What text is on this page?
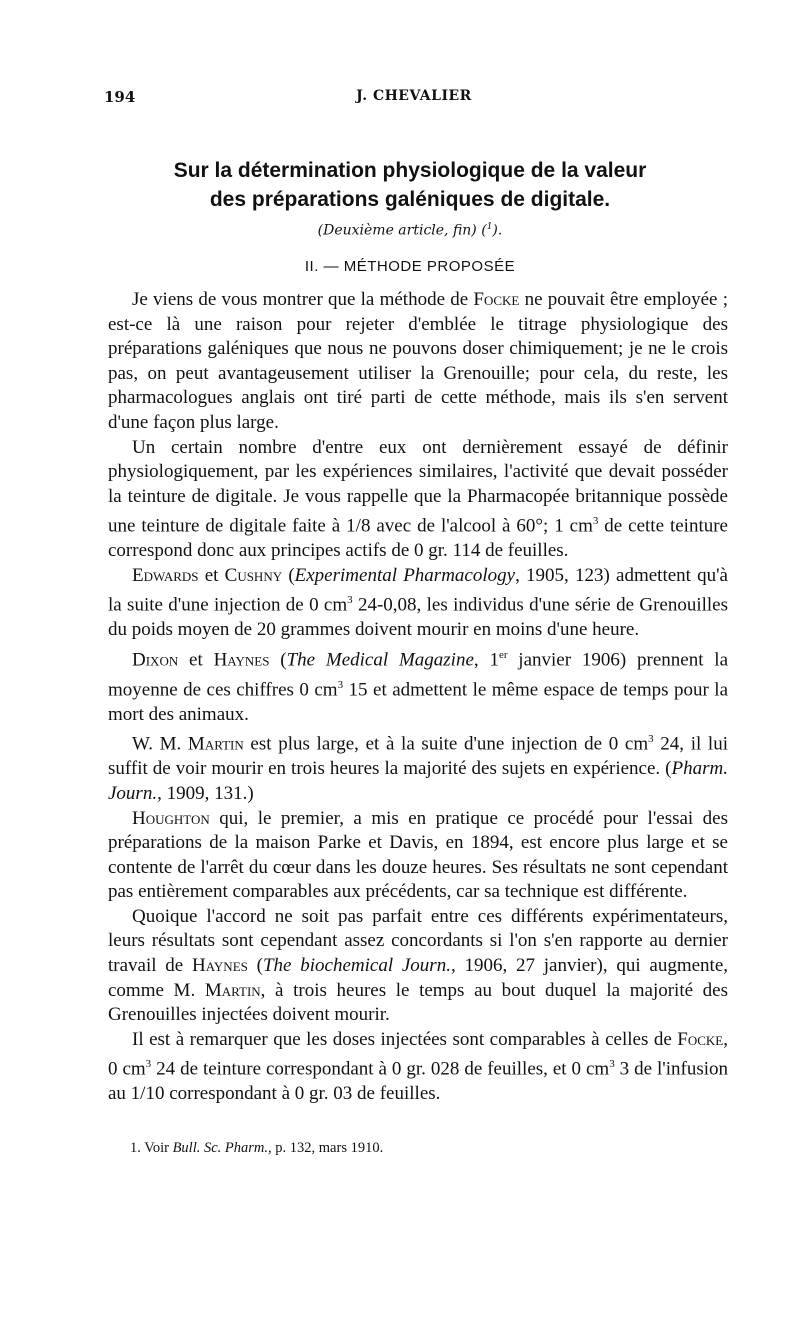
194	J. CHEVALIER
Sur la détermination physiologique de la valeur
des préparations galéniques de digitale.
(Deuxième article, fin) ($^1$).
II. — MÉTHODE PROPOSÉE

Je viens de vous montrer que la méthode de Focke ne pouvait être employée ; est-ce là une raison pour rejeter d'emblée le titrage physiologique des préparations galéniques que nous ne pouvons doser chimiquement; je ne le crois pas, on peut avantageusement utiliser la Grenouille; pour cela, du reste, les pharmacologues anglais ont tiré parti de cette méthode, mais ils s'en servent d'une façon plus large.

Un certain nombre d'entre eux ont dernièrement essayé de définir physiologiquement, par les expériences similaires, l'activité que devait posséder la teinture de digitale. Je vous rappelle que la Pharmacopée britannique possède une teinture de digitale faite à 1/8 avec de l'alcool à 60°; 1 $cm^3$ de cette teinture correspond donc aux principes actifs de 0 gr. 114 de feuilles.

Edwards et Cushny (Experimental Pharmacology, 1905, 123) admettent qu'à la suite d'une injection de 0 $cm^3$ 24-0,08, les individus d'une série de Grenouilles du poids moyen de 20 grammes doivent mourir en moins d'une heure.

Dixon et Haynes (The Medical Magazine, 1er janvier 1906) prennent la moyenne de ces chiffres 0 $cm^3$ 15 et admettent le même espace de temps pour la mort des animaux.

W. M. Martin est plus large, et à la suite d'une injection de 0 $cm^3$ 24, il lui suffit de voir mourir en trois heures la majorité des sujets en expérience. (Pharm. Journ., 1909, 131.)

Houghton qui, le premier, a mis en pratique ce procédé pour l'essai des préparations de la maison Parke et Davis, en 1894, est encore plus large et se contente de l'arrêt du cœur dans les douze heures. Ses résultats ne sont cependant pas entièrement comparables aux précédents, car sa technique est différente.

Quoique l'accord ne soit pas parfait entre ces différents expérimentateurs, leurs résultats sont cependant assez concordants si l'on s'en rapporte au dernier travail de Haynes (The biochemical Journ., 1906, 27 janvier), qui augmente, comme M. Martin, à trois heures le temps au bout duquel la majorité des Grenouilles injectées doivent mourir.

Il est à remarquer que les doses injectées sont comparables à celles de Focke, 0 $cm^3$ 24 de teinture correspondant à 0 gr. 028 de feuilles, et 0 $cm^3$ 3 de l'infusion au 1/10 correspondant à 0 gr. 03 de feuilles.

1. Voir Bull. Sc. Pharm., p. 132, mars 1910.
